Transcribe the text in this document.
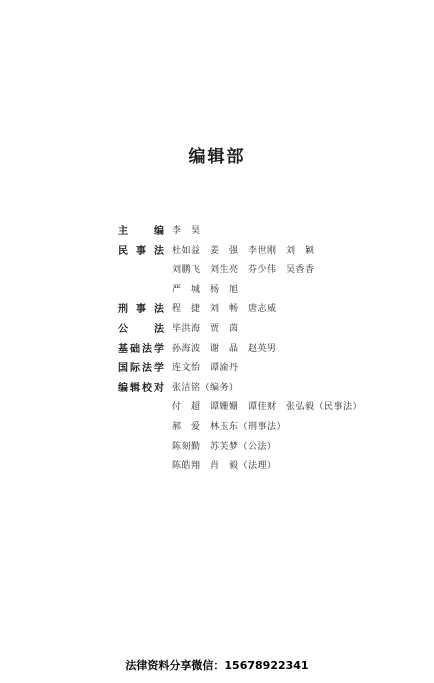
编辑部
主　编 李　昊
民事法 杜如益　姜　强　李世刚　刘　颖
刘鹏飞　刘生亮　芬少伟　吴香香
严　城　杨　旭
刑事法 程　捷　刘　畅　唐志威
公　法 毕洪海　贾　茵
基础法学 孙海波　谢　晶　赵英男
国际法学 连文怡　谭渝丹
编辑校对 张洁铭（编务）
付　超　谭姗姗　谭佳财　张弘毅（民事法）
郝　爱　林玉东（刑事法）
陈刻勤　苏芙梦（公法）
陈皓翔　肖　毅（法理）
法律资料分享微信：15678922341
